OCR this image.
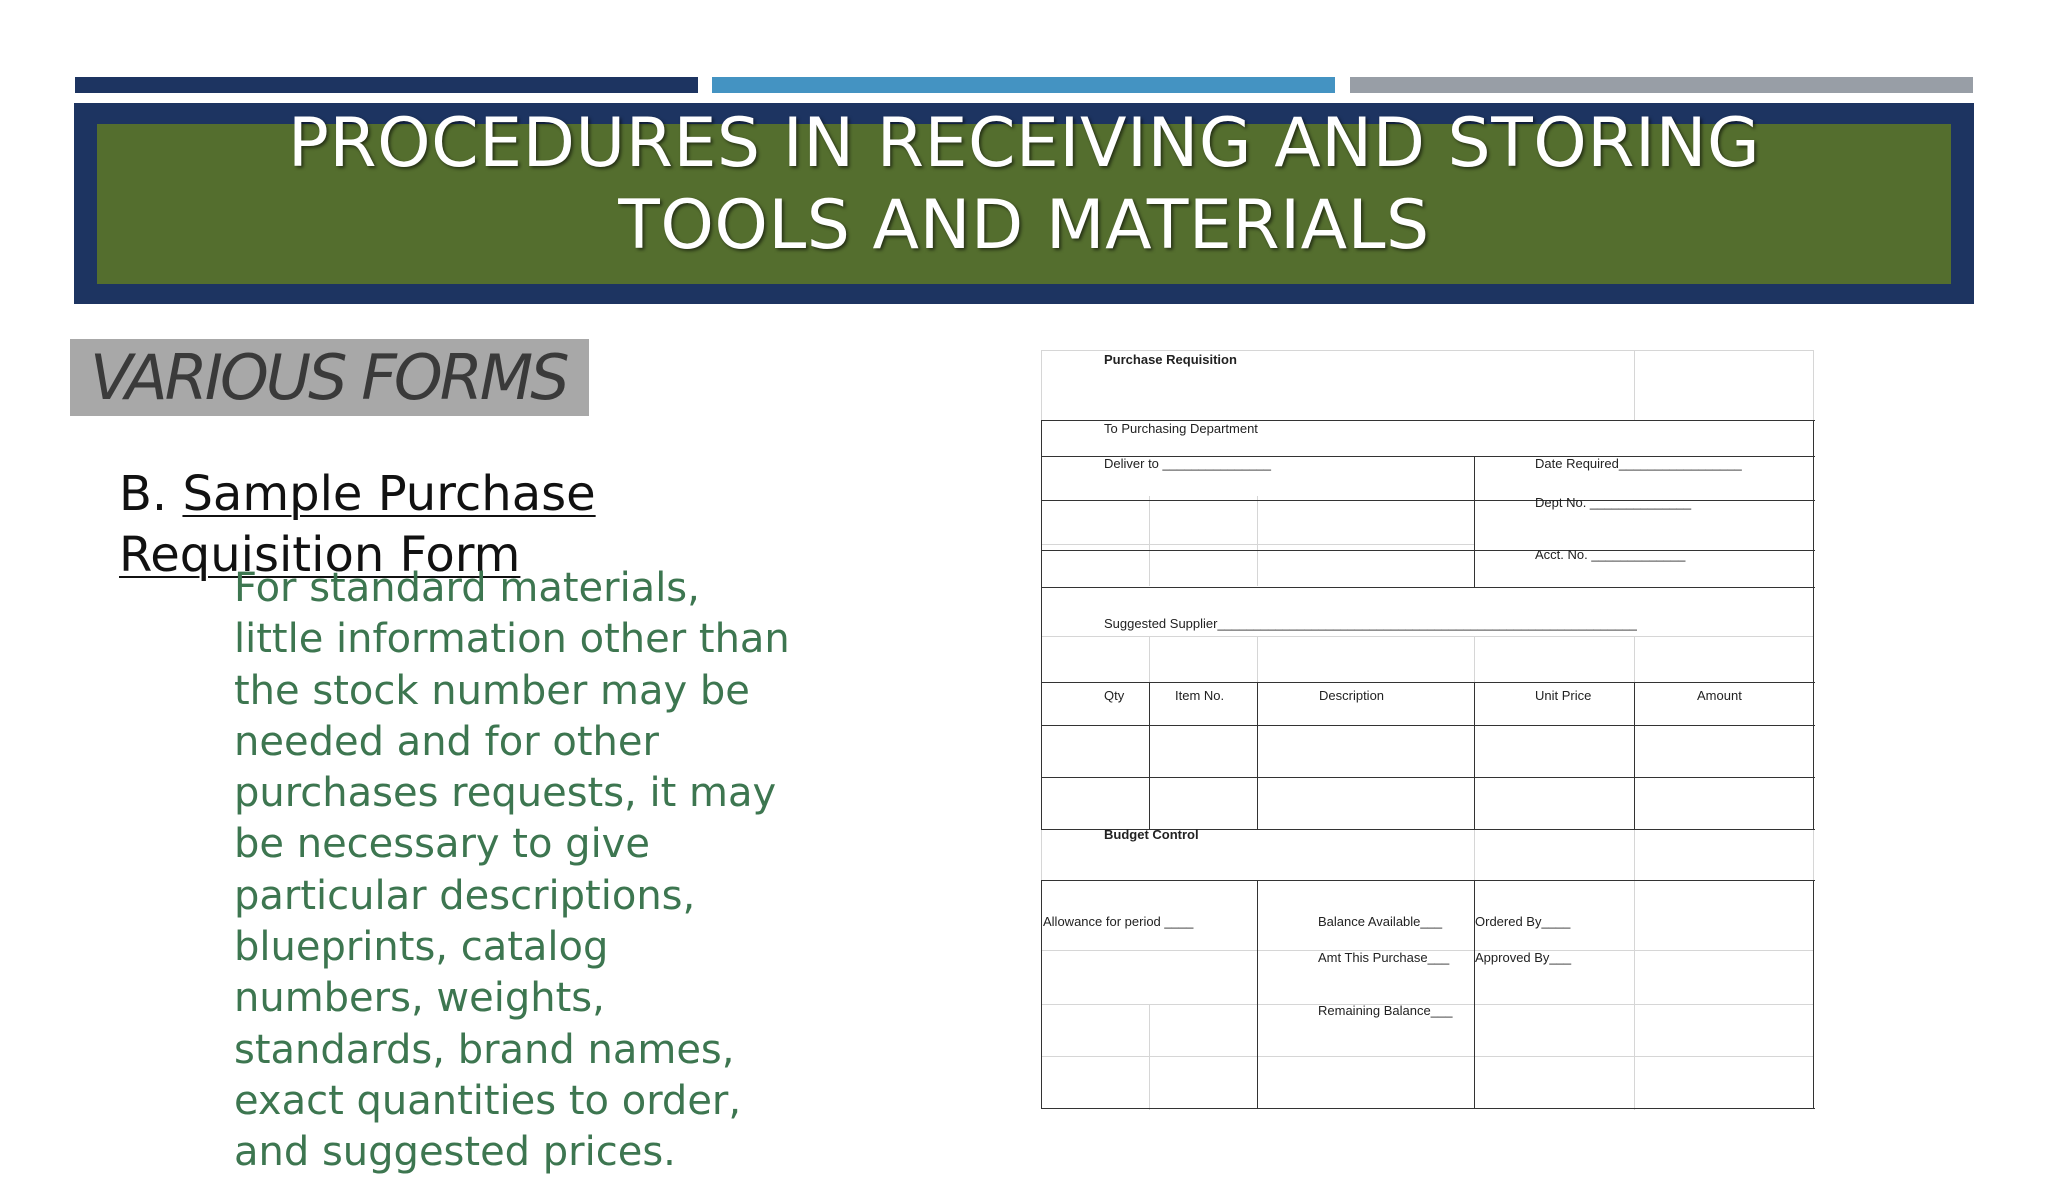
PROCEDURES IN RECEIVING AND STORING
TOOLS AND MATERIALS
VARIOUS FORMS
B. Sample Purchase Requisition Form
For standard materials, little information other than the stock number may be needed and for other purchases requests, it may be necessary to give particular descriptions, blueprints, catalog numbers, weights, standards, brand names, exact quantities to order, and suggested prices.
Purchase Requisition
To Purchasing Department
Deliver to _______________	Date Required_________________
Dept No. ______________
Acct. No. _____________
Suggested Supplier__________________________________________________________
Qty	Item No.	Description	Unit Price	Amount
Budget Control
Allowance for period ____	Balance Available___
Amt This Purchase___
Remaining Balance___
Ordered By____
Approved By___
